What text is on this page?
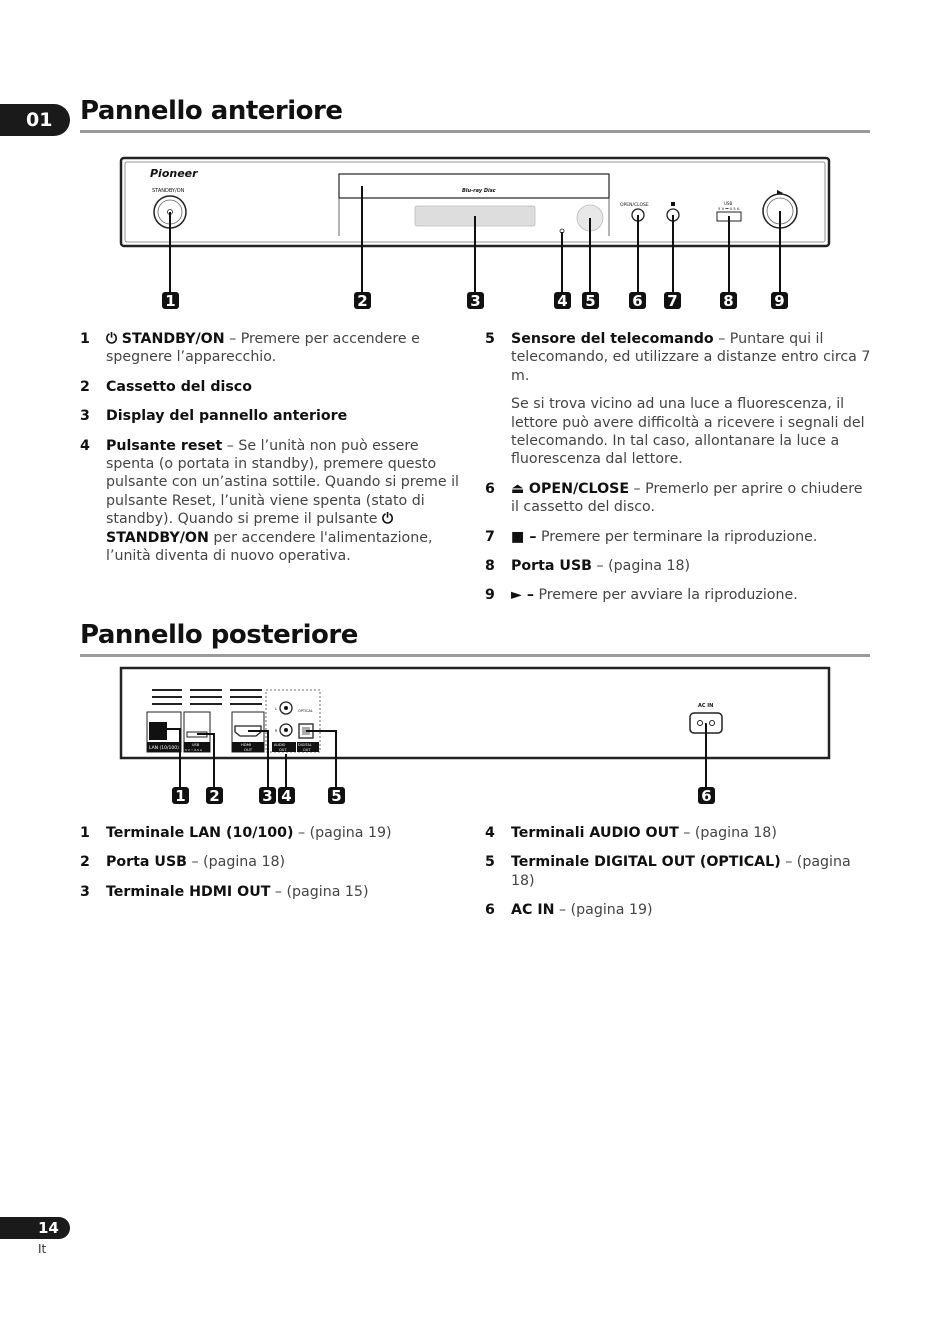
01	Pannello anteriore
Pioneer
STANDBY/ON	Blu-ray Disc
OPEN/CLOSE	USB
5 V ⎓ 0.5 A
1	2	3	4 5 6 7	8	9
1 ⏻ STANDBY/ON – Premere per accendere e spegnere l’apparecchio.
2 Cassetto del disco
3 Display del pannello anteriore
4 Pulsante reset – Se l’unità non può essere spenta (o portata in standby), premere questo pulsante con un’astina sottile. Quando si preme il pulsante Reset, l’unità viene spenta (stato di standby). Quando si preme il pulsante ⏻ STANDBY/ON per accendere l'alimentazione, l’unità diventa di nuovo operativa.
5 Sensore del telecomando – Puntare qui il telecomando, ed utilizzare a distanze entro circa 7 m.
Se si trova vicino ad una luce a fluorescenza, il lettore può avere difficoltà a ricevere i segnali del telecomando. In tal caso, allontanare la luce a fluorescenza dal lettore.
6 ⏏ OPEN/CLOSE – Premerlo per aprire o chiudere il cassetto del disco.
7 ■ – Premere per terminare la riproduzione.
8 Porta USB – (pagina 18)
9 ► – Premere per avviare la riproduzione.
Pannello posteriore
LAN (10/100)
USB
5 V ⎓ 0.5 A
HDMI
OUT
L
R
AUDIO
OUT
OPTICAL
DIGITAL
OUT
AC IN
1 2	3 4	5	6
1 Terminale LAN (10/100) – (pagina 19)
2 Porta USB – (pagina 18)
3 Terminale HDMI OUT – (pagina 15)
4 Terminali AUDIO OUT – (pagina 18)
5 Terminale DIGITAL OUT (OPTICAL) – (pagina 18)
6 AC IN – (pagina 19)
14
It
